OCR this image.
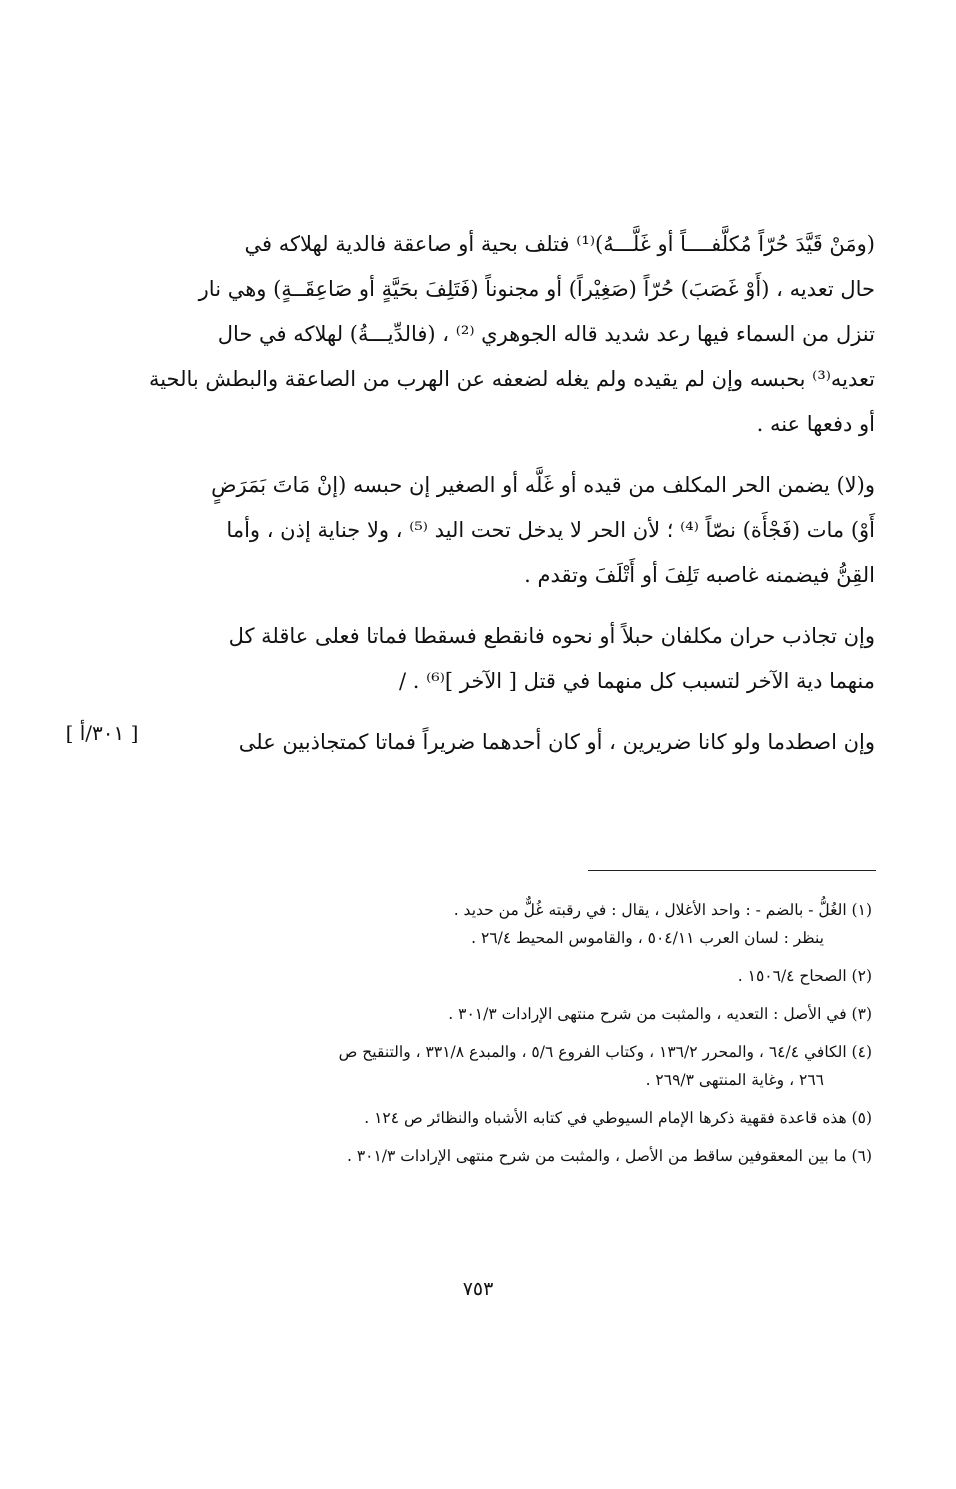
(ومَنْ قَيَّدَ حُرّاً مُكلَّفــــاً أو غَلَّـــهُ)⁽¹⁾ فتلف بحية أو صاعقة فالدية لهلاكه في
حال تعديه ، (أَوْ غَصَبَ) حُرّاً (صَغِيْراً) أو مجنوناً (فَتَلِفَ بحَيَّةٍ أو صَاعِقَــةٍ) وهي نار
تنزل من السماء فيها رعد شديد قاله الجوهري ⁽²⁾ ، (فالدِّيـــةُ) لهلاكه في حال
تعديه⁽³⁾ بحبسه وإن لم يقيده ولم يغله لضعفه عن الهرب من الصاعقة والبطش بالحية
أو دفعها عنه .
و(لا) يضمن الحر المكلف من قيده أو غَلَّه أو الصغير إن حبسه (إنْ مَاتَ بَمَرَضٍ
أَوْ) مات (فَجْأَة) نصّاً ⁽⁴⁾ ؛ لأن الحر لا يدخل تحت اليد ⁽⁵⁾ ، ولا جناية إذن ، وأما
القِنُّ فيضمنه غاصبه تَلِفَ أو أَتْلَفَ وتقدم .
وإن تجاذب حران مكلفان حبلاً أو نحوه فانقطع فسقطا فماتا فعلى عاقلة كل
منهما دية الآخر لتسبب كل منهما في قتل [ الآخر ]⁽⁶⁾ . /
وإن اصطدما ولو كانا ضريرين ، أو كان أحدهما ضريراً فماتا كمتجاذبين على
[ ٣٠١/أ ]
(١) الغُلُّ - بالضم - : واحد الأغلال ، يقال : في رقبته غُلٌّ من حديد .
ينظر : لسان العرب ٥٠٤/١١ ، والقاموس المحيط ٢٦/٤ .
(٢) الصحاح ١٥٠٦/٤ .
(٣) في الأصل : التعديه ، والمثبت من شرح منتهى الإرادات ٣٠١/٣ .
(٤) الكافي ٦٤/٤ ، والمحرر ١٣٦/٢ ، وكتاب الفروع ٥/٦ ، والمبدع ٣٣١/٨ ، والتنقيح ص
٢٦٦ ، وغاية المنتهى ٢٦٩/٣ .
(٥) هذه قاعدة فقهية ذكرها الإمام السيوطي في كتابه الأشباه والنظائر ص ١٢٤ .
(٦) ما بين المعقوفين ساقط من الأصل ، والمثبت من شرح منتهى الإرادات ٣٠١/٣ .
٧٥٣
